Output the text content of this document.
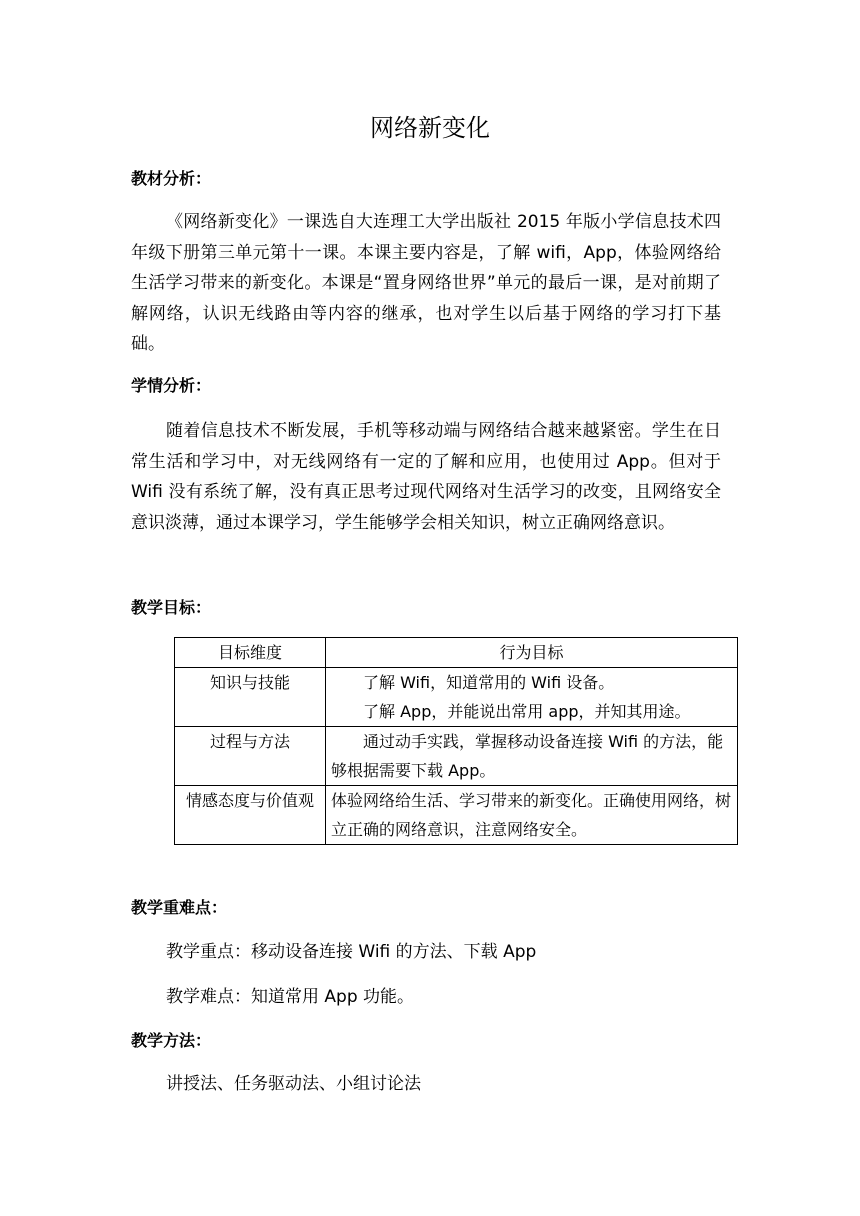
网络新变化
教材分析：

《网络新变化》一课选自大连理工大学出版社 2015 年版小学信息技术四年级下册第三单元第十一课。本课主要内容是，了解 wifi，App，体验网络给生活学习带来的新变化。本课是“置身网络世界”单元的最后一课，是对前期了解网络，认识无线路由等内容的继承，也对学生以后基于网络的学习打下基础。

学情分析：

随着信息技术不断发展，手机等移动端与网络结合越来越紧密。学生在日常生活和学习中，对无线网络有一定的了解和应用，也使用过 App。但对于 Wifi 没有系统了解，没有真正思考过现代网络对生活学习的改变，且网络安全意识淡薄，通过本课学习，学生能够学会相关知识，树立正确网络意识。

教学目标：
目标维度	行为目标
知识与技能	了解 Wifi，知道常用的 Wifi 设备。
了解 App，并能说出常用 app，并知其用途。

过程与方法	通过动手实践，掌握移动设备连接 Wifi 的方法，能够根据需要下载 App。

情感态度与价值观	体验网络给生活、学习带来的新变化。正确使用网络，树立正确的网络意识，注意网络安全。
教学重难点：

教学重点：移动设备连接 Wifi 的方法、下载 App

教学难点：知道常用 App 功能。

教学方法：

讲授法、任务驱动法、小组讨论法
